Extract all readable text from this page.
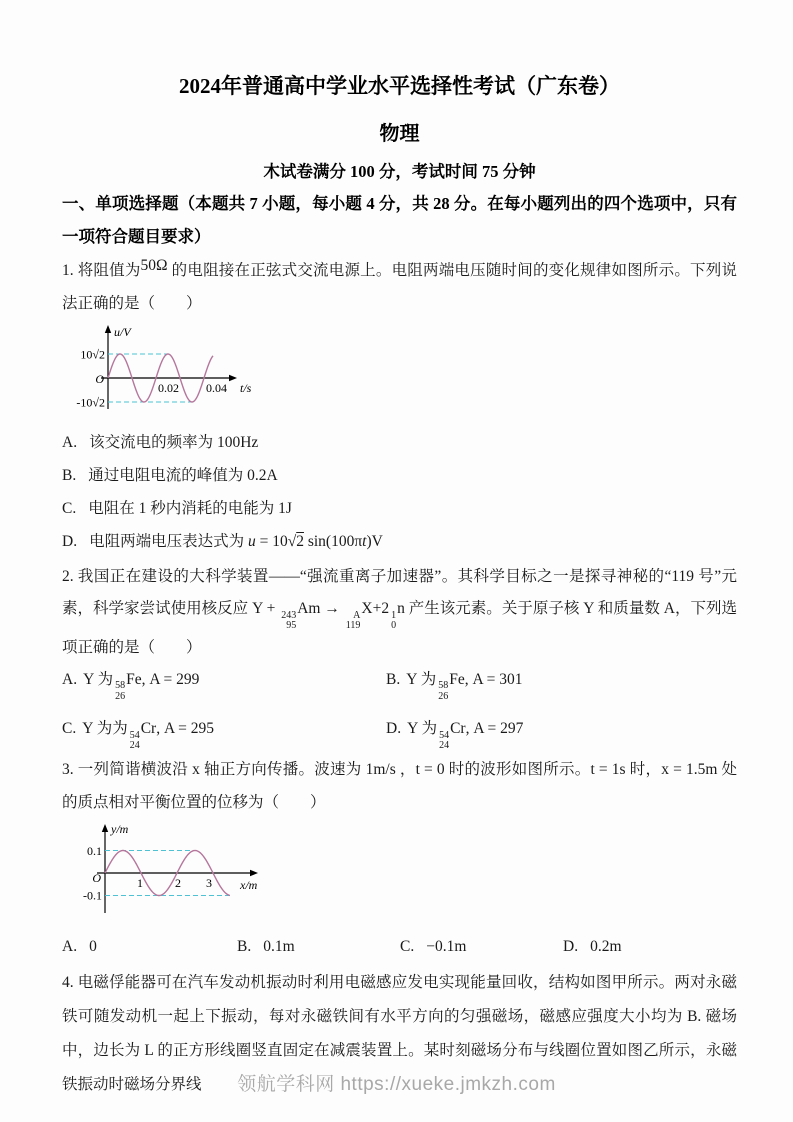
2024年普通高中学业水平选择性考试（广东卷）
物理
木试卷满分 100 分，考试时间 75 分钟
一、单项选择题（本题共 7 小题，每小题 4 分，共 28 分。在每小题列出的四个选项中，只有一项符合题目要求）

1. 将阻值为50Ω 的电阻接在正弦式交流电源上。电阻两端电压随时间的变化规律如图所示。下列说法正确的是（　　）

u/V
10√2
-10√2
O
0.02 0.04 t/s
A. 该交流电的频率为 100Hz
B. 通过电阻电流的峰值为 0.2A
C. 电阻在 1 秒内消耗的电能为 1J
D. 电阻两端电压表达式为 u = 10√2 sin(100πt)V

2. 我国正在建设的大科学装置——“强流重离子加速器”。其科学目标之一是探寻神秘的“119 号”元素，科学家尝试使用核反应 Y + 243
95
Am → A
119
X+2 1
0
n 产生该元素。关于原子核 Y 和质量数 A，下列选项正确的是（　　）

A. Y 为 58
26
Fe, A = 299	B. Y 为 58
26
Fe, A = 301
C. Y 为为 54
24
Cr, A = 295	D. Y 为 54
24
Cr, A = 297

3. 一列简谐横波沿 x 轴正方向传播。波速为 1m/s ，t = 0 时的波形如图所示。t = 1s 时，x = 1.5m 处的质点相对平衡位置的位移为（　　）

y/m
0.1
-0.1
O	1	2 3 x/m
A. 0	B. 0.1m	C. −0.1m	D. 0.2m

4. 电磁俘能器可在汽车发动机振动时利用电磁感应发电实现能量回收，结构如图甲所示。两对永磁铁可随发动机一起上下振动，每对永磁铁间有水平方向的匀强磁场，磁感应强度大小均为 B. 磁场中，边长为 L 的正方形线圈竖直固定在减震装置上。某时刻磁场分布与线圈位置如图乙所示，永磁铁振动时磁场分界线	领航学科网 https://xueke.jmkzh.com
